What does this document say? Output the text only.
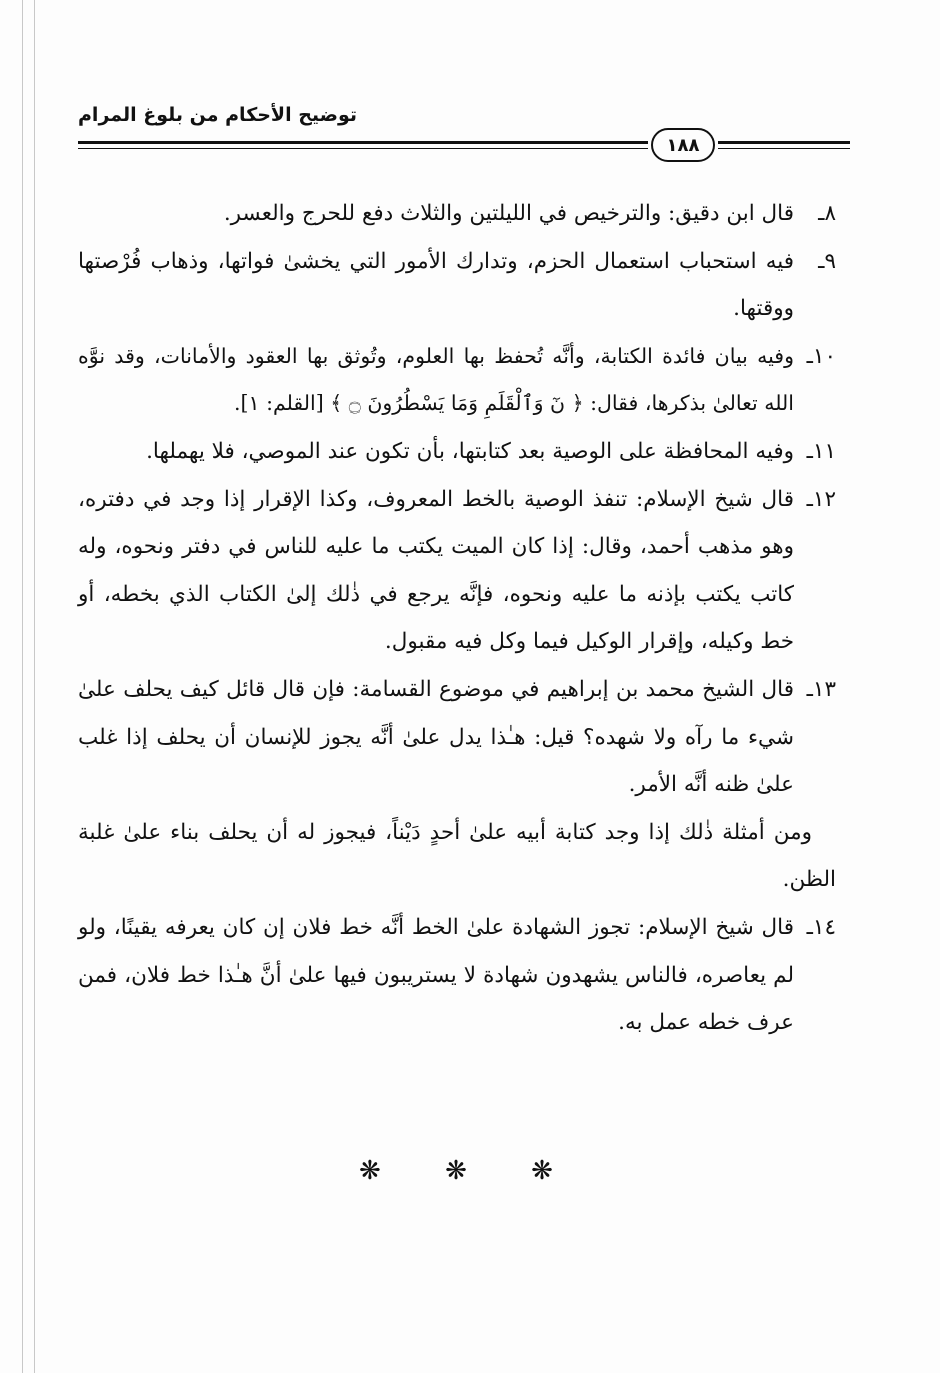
توضيح الأحكام من بلوغ المرام
١٨٨
٨ـ
قال ابن دقيق: والترخيص في الليلتين والثلاث دفع للحرج والعسر.
٩ـ
فيه استحباب استعمال الحزم، وتدارك الأمور التي يخشىٰ فواتها، وذهاب فُرْصتها ووقتها.
١٠ـ
وفيه بيان فائدة الكتابة، وأنَّه تُحفظ بها العلوم، وتُوثق بها العقود والأمانات، وقد نوَّه الله تعالىٰ بذكرها، فقال: ﴿ نٓ وَٱلْقَلَمِ وَمَا يَسْطُرُونَ ۝ ﴾ [القلم: ١].
١١ـ
وفيه المحافظة على الوصية بعد كتابتها، بأن تكون عند الموصي، فلا يهملها.
١٢ـ
قال شيخ الإسلام: تنفذ الوصية بالخط المعروف، وكذا الإقرار إذا وجد في دفتره، وهو مذهب أحمد، وقال: إذا كان الميت يكتب ما عليه للناس في دفتر ونحوه، وله كاتب يكتب بإذنه ما عليه ونحوه، فإنَّه يرجع في ذٰلك إلىٰ الكتاب الذي بخطه، أو خط وكيله، وإقرار الوكيل فيما وكل فيه مقبول.
١٣ـ
قال الشيخ محمد بن إبراهيم في موضوع القسامة: فإن قال قائل كيف يحلف علىٰ شيء ما رآه ولا شهده؟ قيل: هـٰذا يدل علىٰ أنَّه يجوز للإنسان أن يحلف إذا غلب علىٰ ظنه أنَّه الأمر.
ومن أمثلة ذٰلك إذا وجد كتابة أبيه علىٰ أحدٍ دَيْناً، فيجوز له أن يحلف بناء علىٰ غلبة الظن.
١٤ـ
قال شيخ الإسلام: تجوز الشهادة علىٰ الخط أنَّه خط فلان إن كان يعرفه يقينًا، ولو لم يعاصره، فالناس يشهدون شهادة لا يستريبون فيها علىٰ أنَّ هـٰذا خط فلان، فمن عرف خطه عمل به.
❋ ❋ ❋
